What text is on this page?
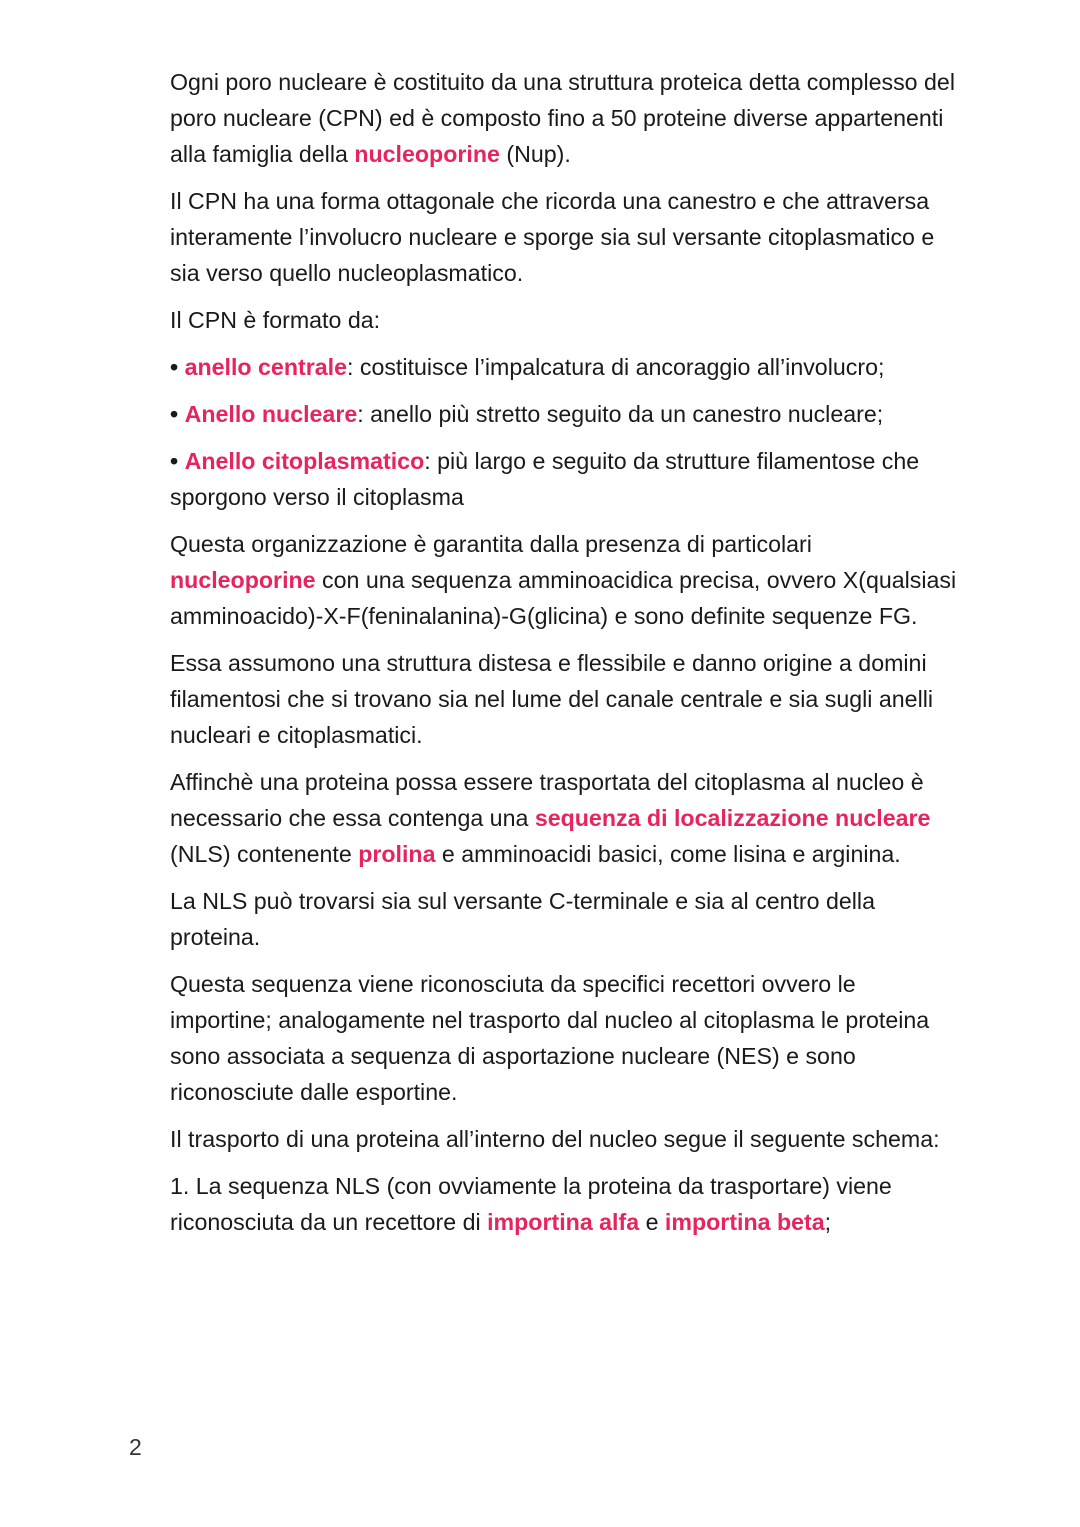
Ogni poro nucleare è costituito da una struttura proteica detta complesso del poro nucleare (CPN) ed è composto fino a 50 proteine diverse appartenenti alla famiglia della nucleoporine (Nup).

Il CPN ha una forma ottagonale che ricorda una canestro e che attraversa interamente l’involucro nucleare e sporge sia sul versante citoplasmatico e sia verso quello nucleoplasmatico.

Il CPN è formato da:

• anello centrale: costituisce l’impalcatura di ancoraggio all’involucro;

• Anello nucleare: anello più stretto seguito da un canestro nucleare;

• Anello citoplasmatico: più largo e seguito da strutture filamentose che sporgono verso il citoplasma

Questa organizzazione è garantita dalla presenza di particolari nucleoporine con una sequenza amminoacidica precisa, ovvero X(qualsiasi amminoacido)-X-F(feninalanina)-G(glicina) e sono definite sequenze FG.

Essa assumono una struttura distesa e flessibile e danno origine a domini filamentosi che si trovano sia nel lume del canale centrale e sia sugli anelli nucleari e citoplasmatici.

Affinchè una proteina possa essere trasportata del citoplasma al nucleo è necessario che essa contenga una sequenza di localizzazione nucleare (NLS) contenente prolina e amminoacidi basici, come lisina e arginina.

La NLS può trovarsi sia sul versante C-terminale e sia al centro della proteina.

Questa sequenza viene riconosciuta da specifici recettori ovvero le importine; analogamente nel trasporto dal nucleo al citoplasma le proteina sono associata a sequenza di asportazione nucleare (NES) e sono riconosciute dalle esportine.

Il trasporto di una proteina all’interno del nucleo segue il seguente schema:

1. La sequenza NLS (con ovviamente la proteina da trasportare) viene riconosciuta da un recettore di importina alfa e importina beta;

2
